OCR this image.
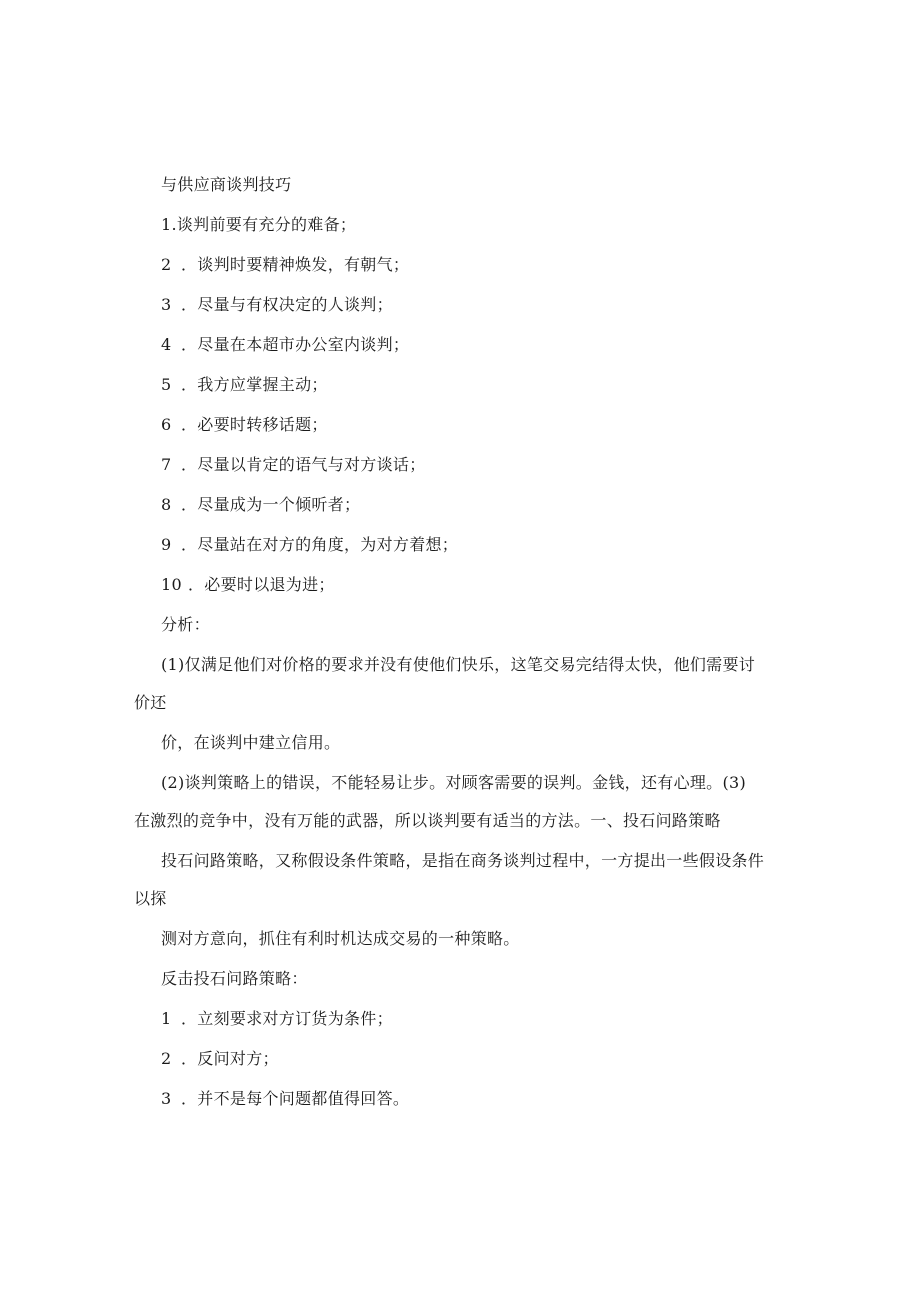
与供应商谈判技巧
1.谈判前要有充分的难备；
2 ．谈判时要精神焕发，有朝气；
3 ．尽量与有权决定的人谈判；
4 ．尽量在本超市办公室内谈判；
5 ．我方应掌握主动；
6 ．必要时转移话题；
7 ．尽量以肯定的语气与对方谈话；
8 ．尽量成为一个倾听者；
9 ．尽量站在对方的角度，为对方着想；
10 ．必要时以退为进；
分析：
(1)仅满足他们对价格的要求并没有使他们快乐，这笔交易完结得太快，他们需要讨
价还
价，在谈判中建立信用。
(2)谈判策略上的错误，不能轻易让步。对顾客需要的误判。金钱，还有心理。(3)
在激烈的竞争中，没有万能的武器，所以谈判要有适当的方法。一、投石问路策略
投石问路策略，又称假设条件策略，是指在商务谈判过程中，一方提出一些假设条件
以探
测对方意向，抓住有利时机达成交易的一种策略。
反击投石问路策略：
1 ．立刻要求对方订货为条件；
2 ．反问对方；
3 ．并不是每个问题都值得回答。
